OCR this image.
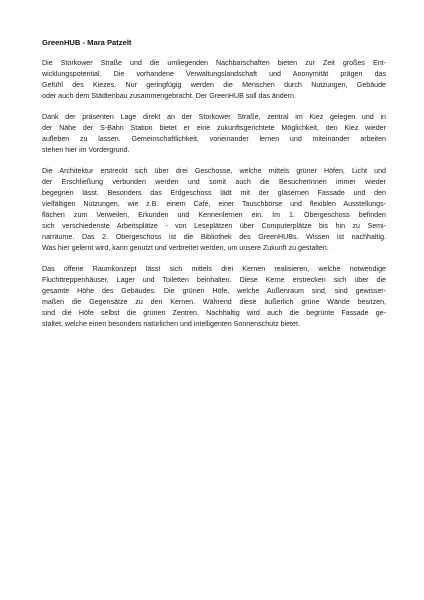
GreenHUB - Mara Patzelt
Die Storkower Straße und die umliegenden Nachbarschaften bieten zur Zeit großes Ent-
wicklungspotential. Die vorhandene Verwaltungslandschaft und Anonymität prägen das
Gefühl des Kiezes. Nur geringfügig werden die Menschen durch Nutzungen, Gebäude
oder auch dem Städtenbau zusammengebracht. Der GreenHUB soll das ändern.
Dank der präsenten Lage direkt an der Storkower Straße, zentral im Kiez gelegen und in
der Nähe der S-Bahn Station bietet er eine zukunftsgerichtete Möglichkeit, den Kiez wieder
aufleben zu lassen. Gemeinschaftlichkeit, voneinander lernen und miteinander arbeiten
stehen hier im Vordergrund.
Die Architektur erstreckt sich über drei Geschosse, welche mittels grüner Höfen, Licht und
der Erschließung verbunden werden und somit auch die BesucherInnen immer wieder
begegnen lässt. Besonders das Erdgeschoss lädt mit der gläsernen Fassade und den
vielfältigen Nutzungen, wie z.B. einem Café, einer Tauschbörse und flexiblen Ausstellungs-
flächen zum Verweilen, Erkunden und Kennenlernen ein. Im 1. Obergeschoss befinden
sich verschiedenste Arbeitsplätze - von Leseplätzen über Computerplätze bis hin zu Semi-
narräume. Das 2. Obergeschoss ist die Bibliothek des GreenHUBs. Wissen ist nachhaltig.
Was hier gelernt wird, kann genutzt und verbreitet werden, um unsere Zukunft zu gestalten.
Das offene Raumkonzept lässt sich mittels drei Kernen realisieren, welche notwendige
Fluchttreppenhäuser, Lager und Toiletten beinhalten. Diese Kerne erstrecken sich über die
gesamte Höhe des Gebäudes. Die grünen Höfe, welche Außenraum sind, sind gewisser-
maßen die Gegensätze zu den Kernen. Während diese äußerlich grüne Wände besitzen,
sind die Höfe selbst die grünen Zentren. Nachhaltig wird auch die begrünte Fassade ge-
staltet, welche einen besonders natürlichen und intelligenten Sonnenschutz bietet.
